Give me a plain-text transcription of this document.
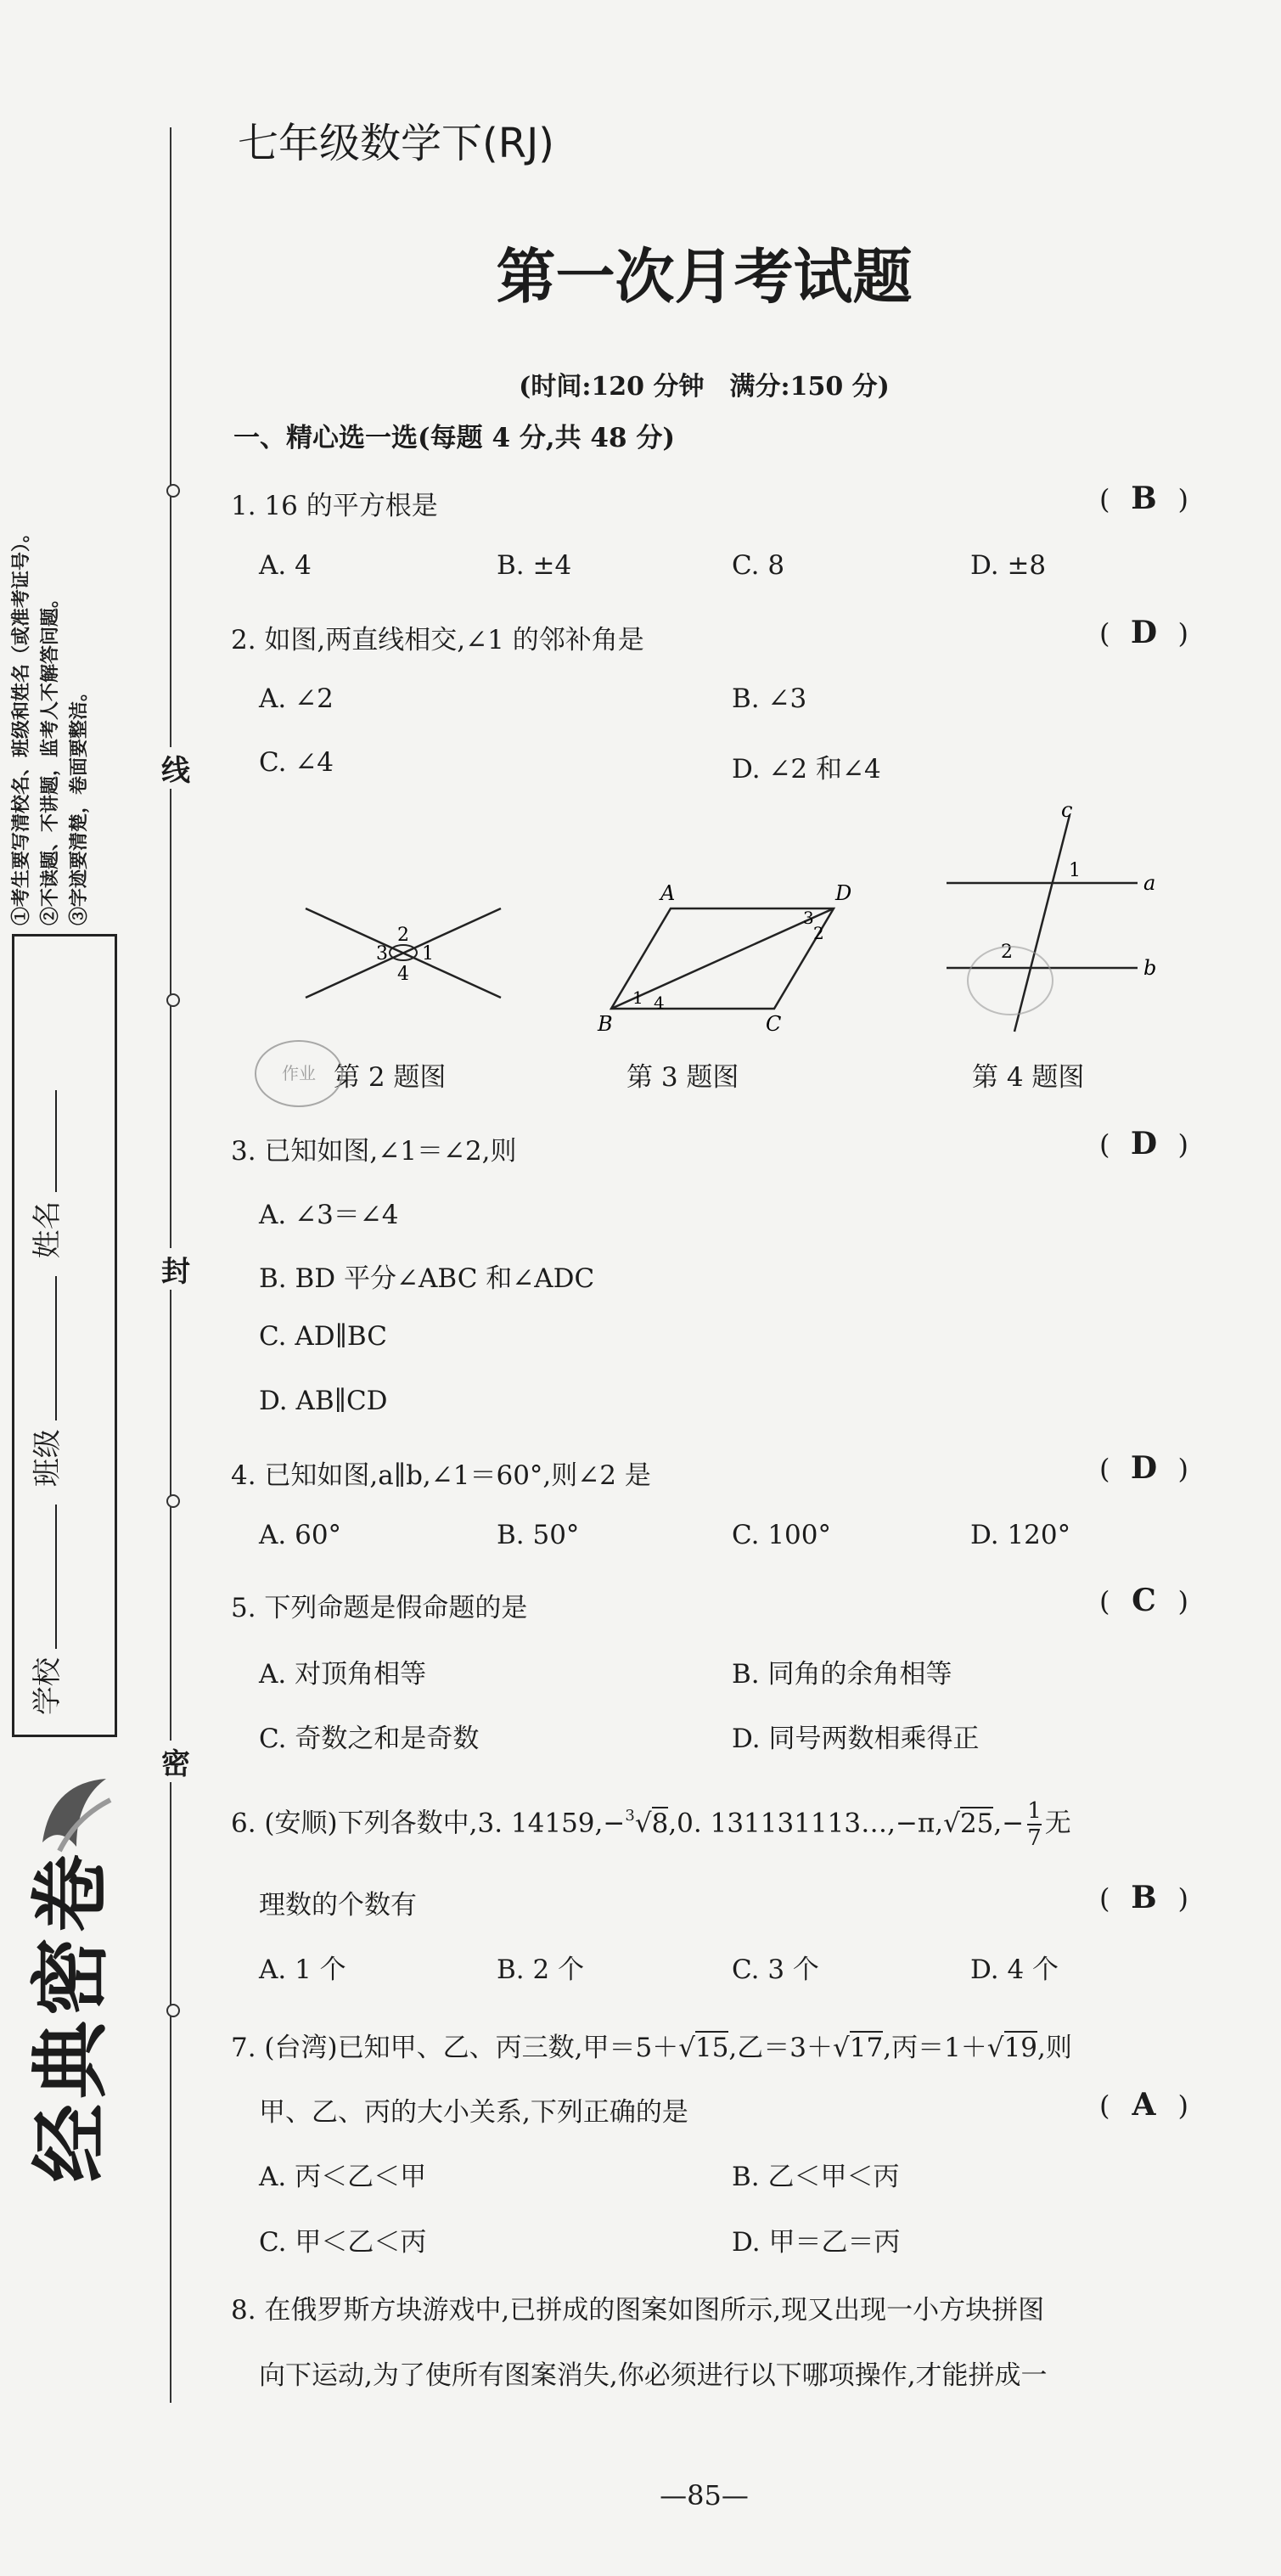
线
封
密
①考生要写清校名、班级和姓名（或准考证号）。 ②不读题、不讲题，监考人不解答问题。 ③字迹要清楚，卷面要整洁。
学校 班级 姓名
经典密卷
七年级数学下(RJ)
第一次月考试题
(时间:120 分钟　满分:150 分)
一、精心选一选(每题 4 分,共 48 分)
1. 16 的平方根是	( B )
A. 4	B. ±4	C. 8	D. ±8
2. 如图,两直线相交,∠1 的邻补角是	( D )
A. ∠2	B. ∠3
C. ∠4	D. ∠2 和∠4
2
3 1
4
第 2 题图
A	D
B	C
3
2
1 4
第 3 题图
c
a
b
1
2
第 4 题图
作业
3. 已知如图,∠1＝∠2,则	( D )
A. ∠3＝∠4
B. BD 平分∠ABC 和∠ADC
C. AD∥BC
D. AB∥CD
4. 已知如图,a∥b,∠1＝60°,则∠2 是	( D )
A. 60°	B. 50°	C. 100°	D. 120°
5. 下列命题是假命题的是	( C )
A. 对顶角相等	B. 同角的余角相等
C. 奇数之和是奇数	D. 同号两数相乘得正
6. (安顺)下列各数中,3. 14159,−$^3$√8,0. 131131113…,−π,√25,− $\frac{1}{7}$ 无
理数的个数有	( B )
A. 1 个	B. 2 个	C. 3 个	D. 4 个
7. (台湾)已知甲、乙、丙三数,甲＝5＋√15,乙＝3＋√17,丙＝1＋√19,则
甲、乙、丙的大小关系,下列正确的是	( A )
A. 丙＜乙＜甲	B. 乙＜甲＜丙
C. 甲＜乙＜丙	D. 甲＝乙＝丙
8. 在俄罗斯方块游戏中,已拼成的图案如图所示,现又出现一小方块拼图
向下运动,为了使所有图案消失,你必须进行以下哪项操作,才能拼成一
—85—
